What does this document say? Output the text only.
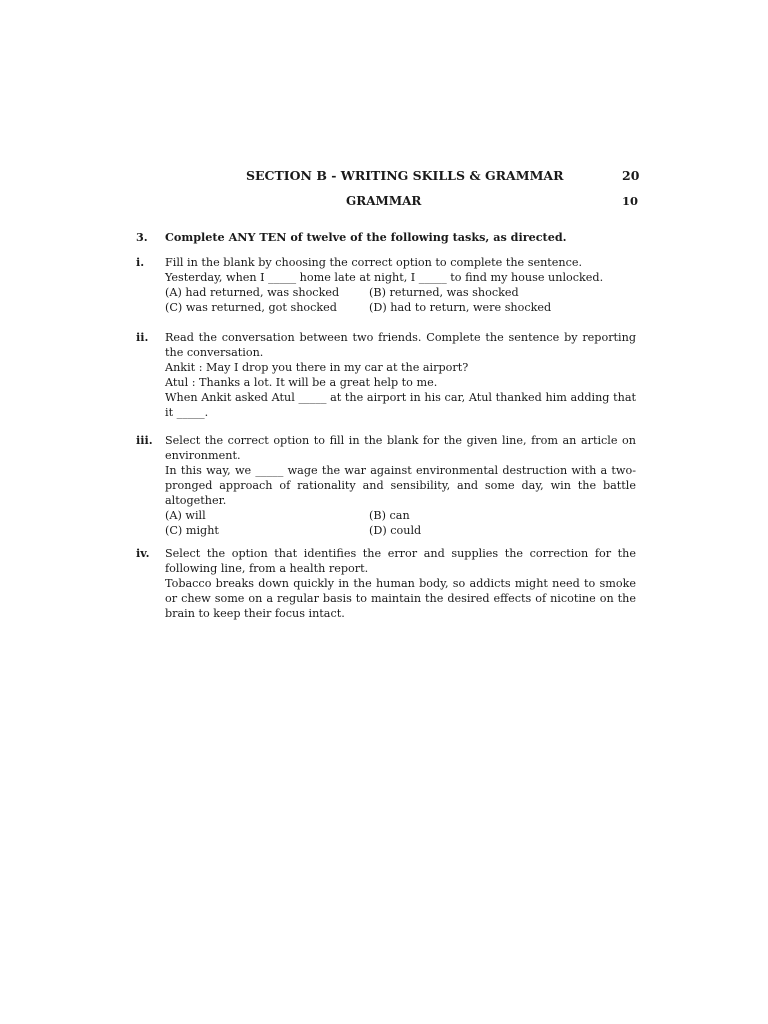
SECTION B - WRITING SKILLS & GRAMMAR	20
GRAMMAR	10
3.	Complete ANY TEN of twelve of the following tasks, as directed.
i.	Fill in the blank by choosing the correct option to complete the sentence.
Yesterday, when I _____ home late at night, I _____ to find my house unlocked.
(A) had returned, was shocked	(B) returned, was shocked
(C) was returned, got shocked	(D) had to return, were shocked
ii.	Read the conversation between two friends. Complete the sentence by reporting the conversation.
Ankit : May I drop you there in my car at the airport?
Atul : Thanks a lot. It will be a great help to me.
When Ankit asked Atul _____ at the airport in his car, Atul thanked him adding that it _____.
iii.	Select the correct option to fill in the blank for the given line, from an article on environment.
In this way, we _____ wage the war against environmental destruction with a two-pronged approach of rationality and sensibility, and some day, win the battle altogether.
(A) will	(B) can
(C) might	(D) could
iv.	Select the option that identifies the error and supplies the correction for the following line, from a health report.
Tobacco breaks down quickly in the human body, so addicts might need to smoke or chew some on a regular basis to maintain the desired effects of nicotine on the brain to keep their focus intact.
